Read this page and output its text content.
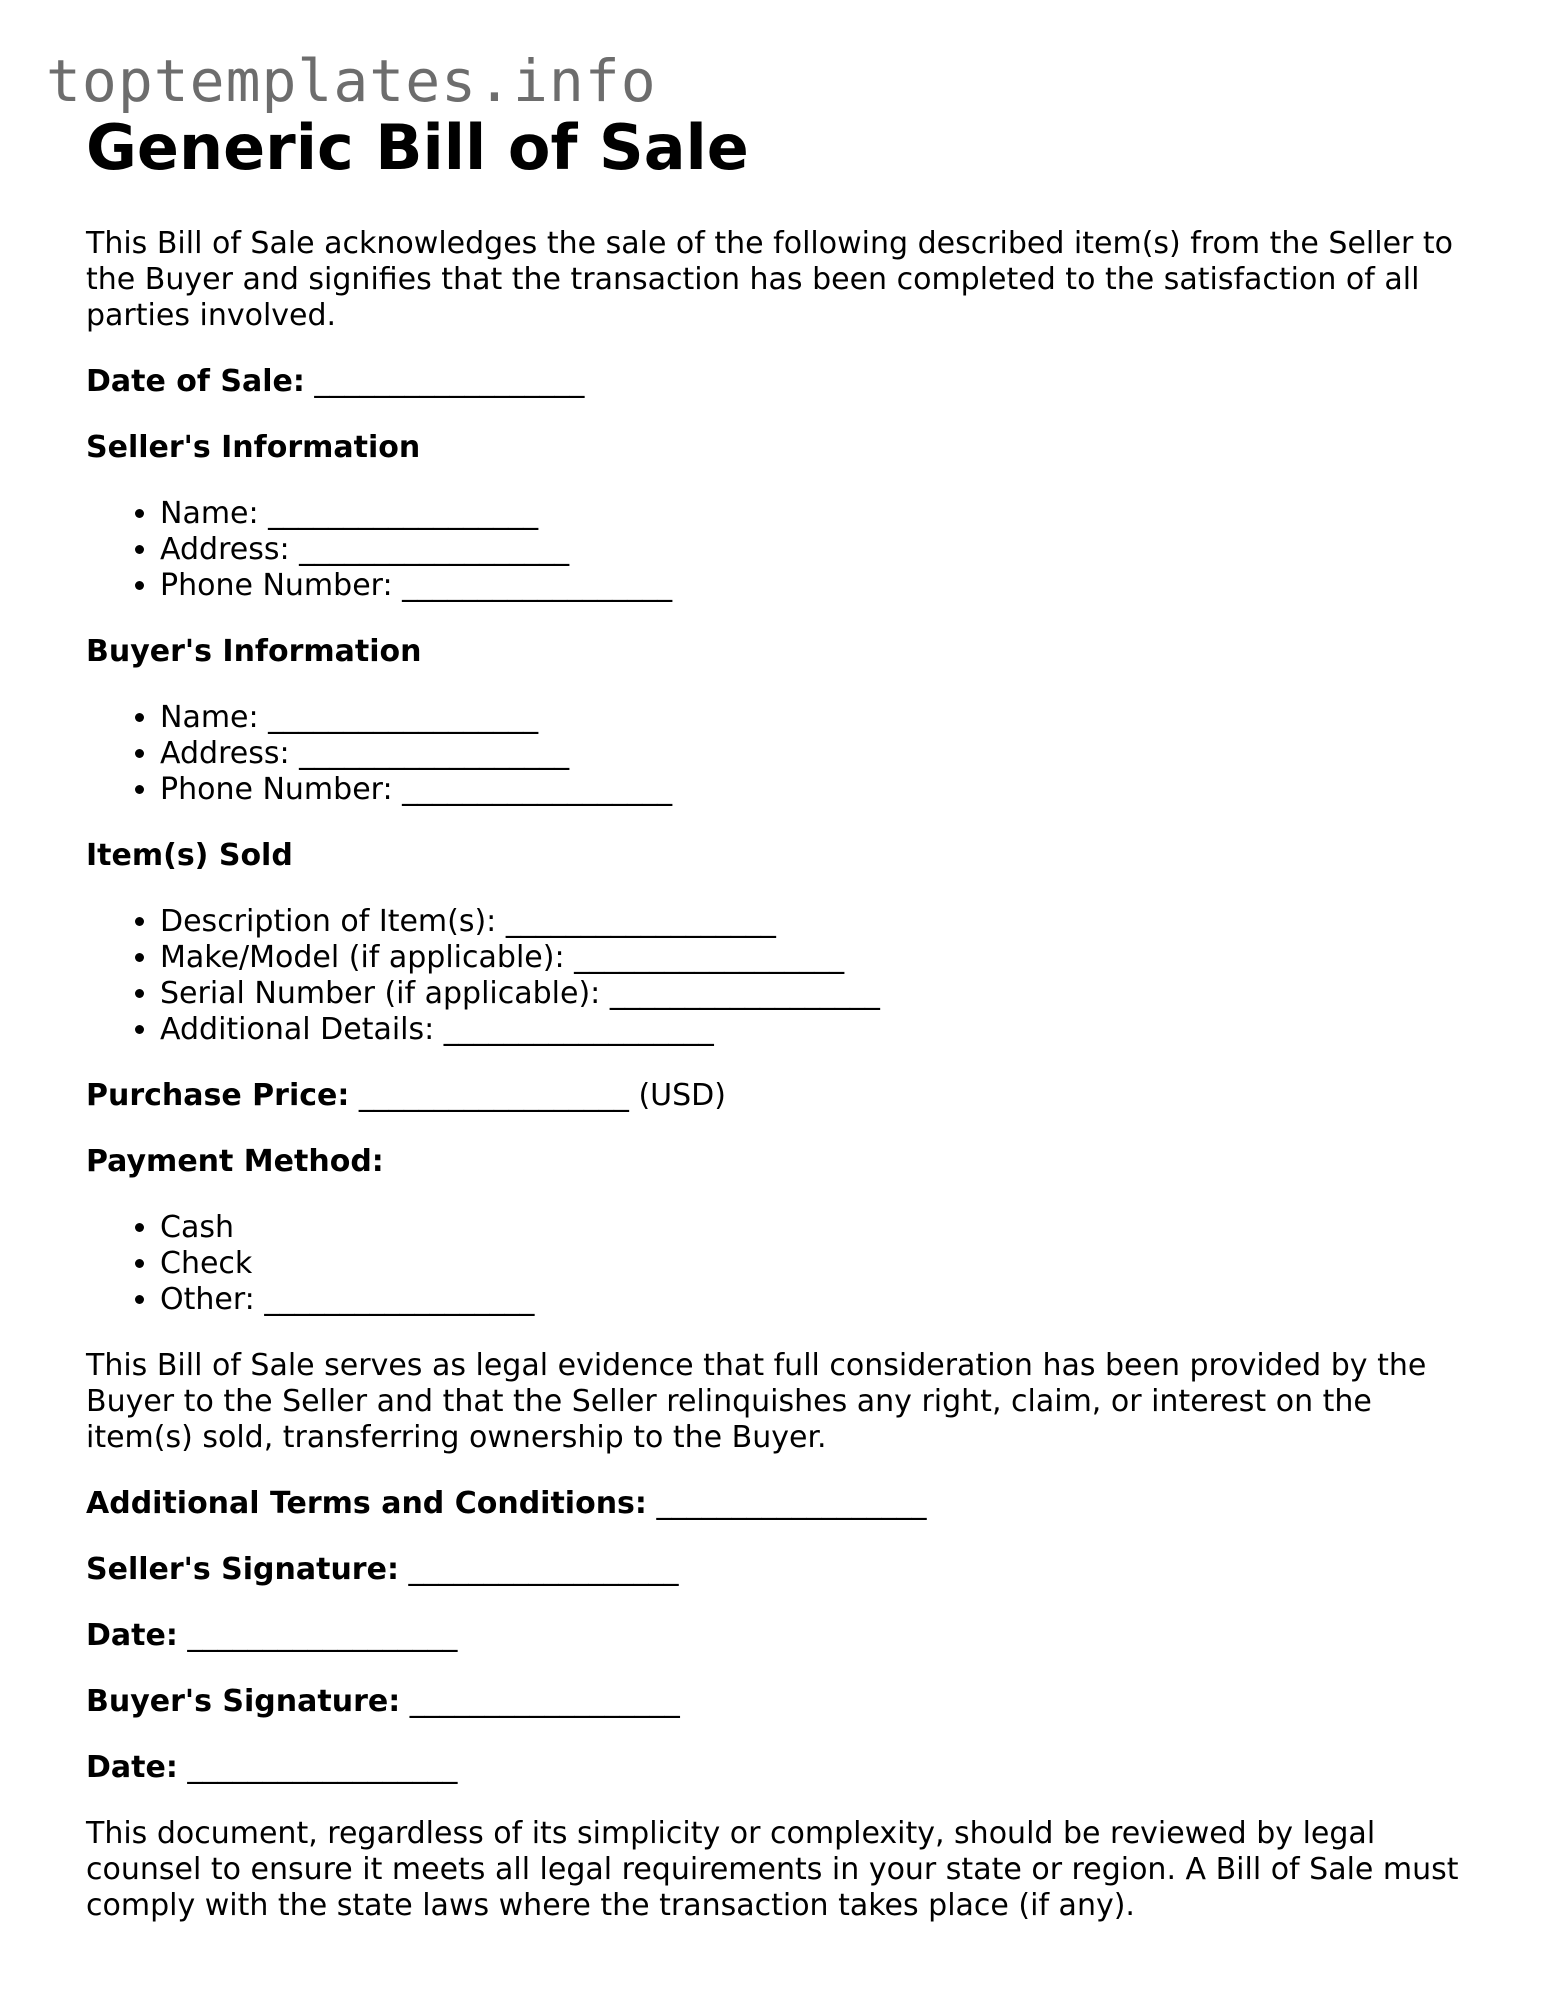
toptemplates.info
Generic Bill of Sale

This Bill of Sale acknowledges the sale of the following described item(s) from the Seller to the Buyer and signifies that the transaction has been completed to the satisfaction of all parties involved.

Date of Sale: __________________

Seller's Information

• Name: __________________
• Address: __________________
• Phone Number: __________________

Buyer's Information

• Name: __________________
• Address: __________________
• Phone Number: __________________

Item(s) Sold

• Description of Item(s): __________________
• Make/Model (if applicable): __________________
• Serial Number (if applicable): __________________
• Additional Details: __________________

Purchase Price: __________________ (USD)

Payment Method:

• Cash
• Check
• Other: __________________

This Bill of Sale serves as legal evidence that full consideration has been provided by the Buyer to the Seller and that the Seller relinquishes any right, claim, or interest on the item(s) sold, transferring ownership to the Buyer.

Additional Terms and Conditions: __________________

Seller's Signature: __________________

Date: __________________

Buyer's Signature: __________________

Date: __________________

This document, regardless of its simplicity or complexity, should be reviewed by legal counsel to ensure it meets all legal requirements in your state or region. A Bill of Sale must comply with the state laws where the transaction takes place (if any).
